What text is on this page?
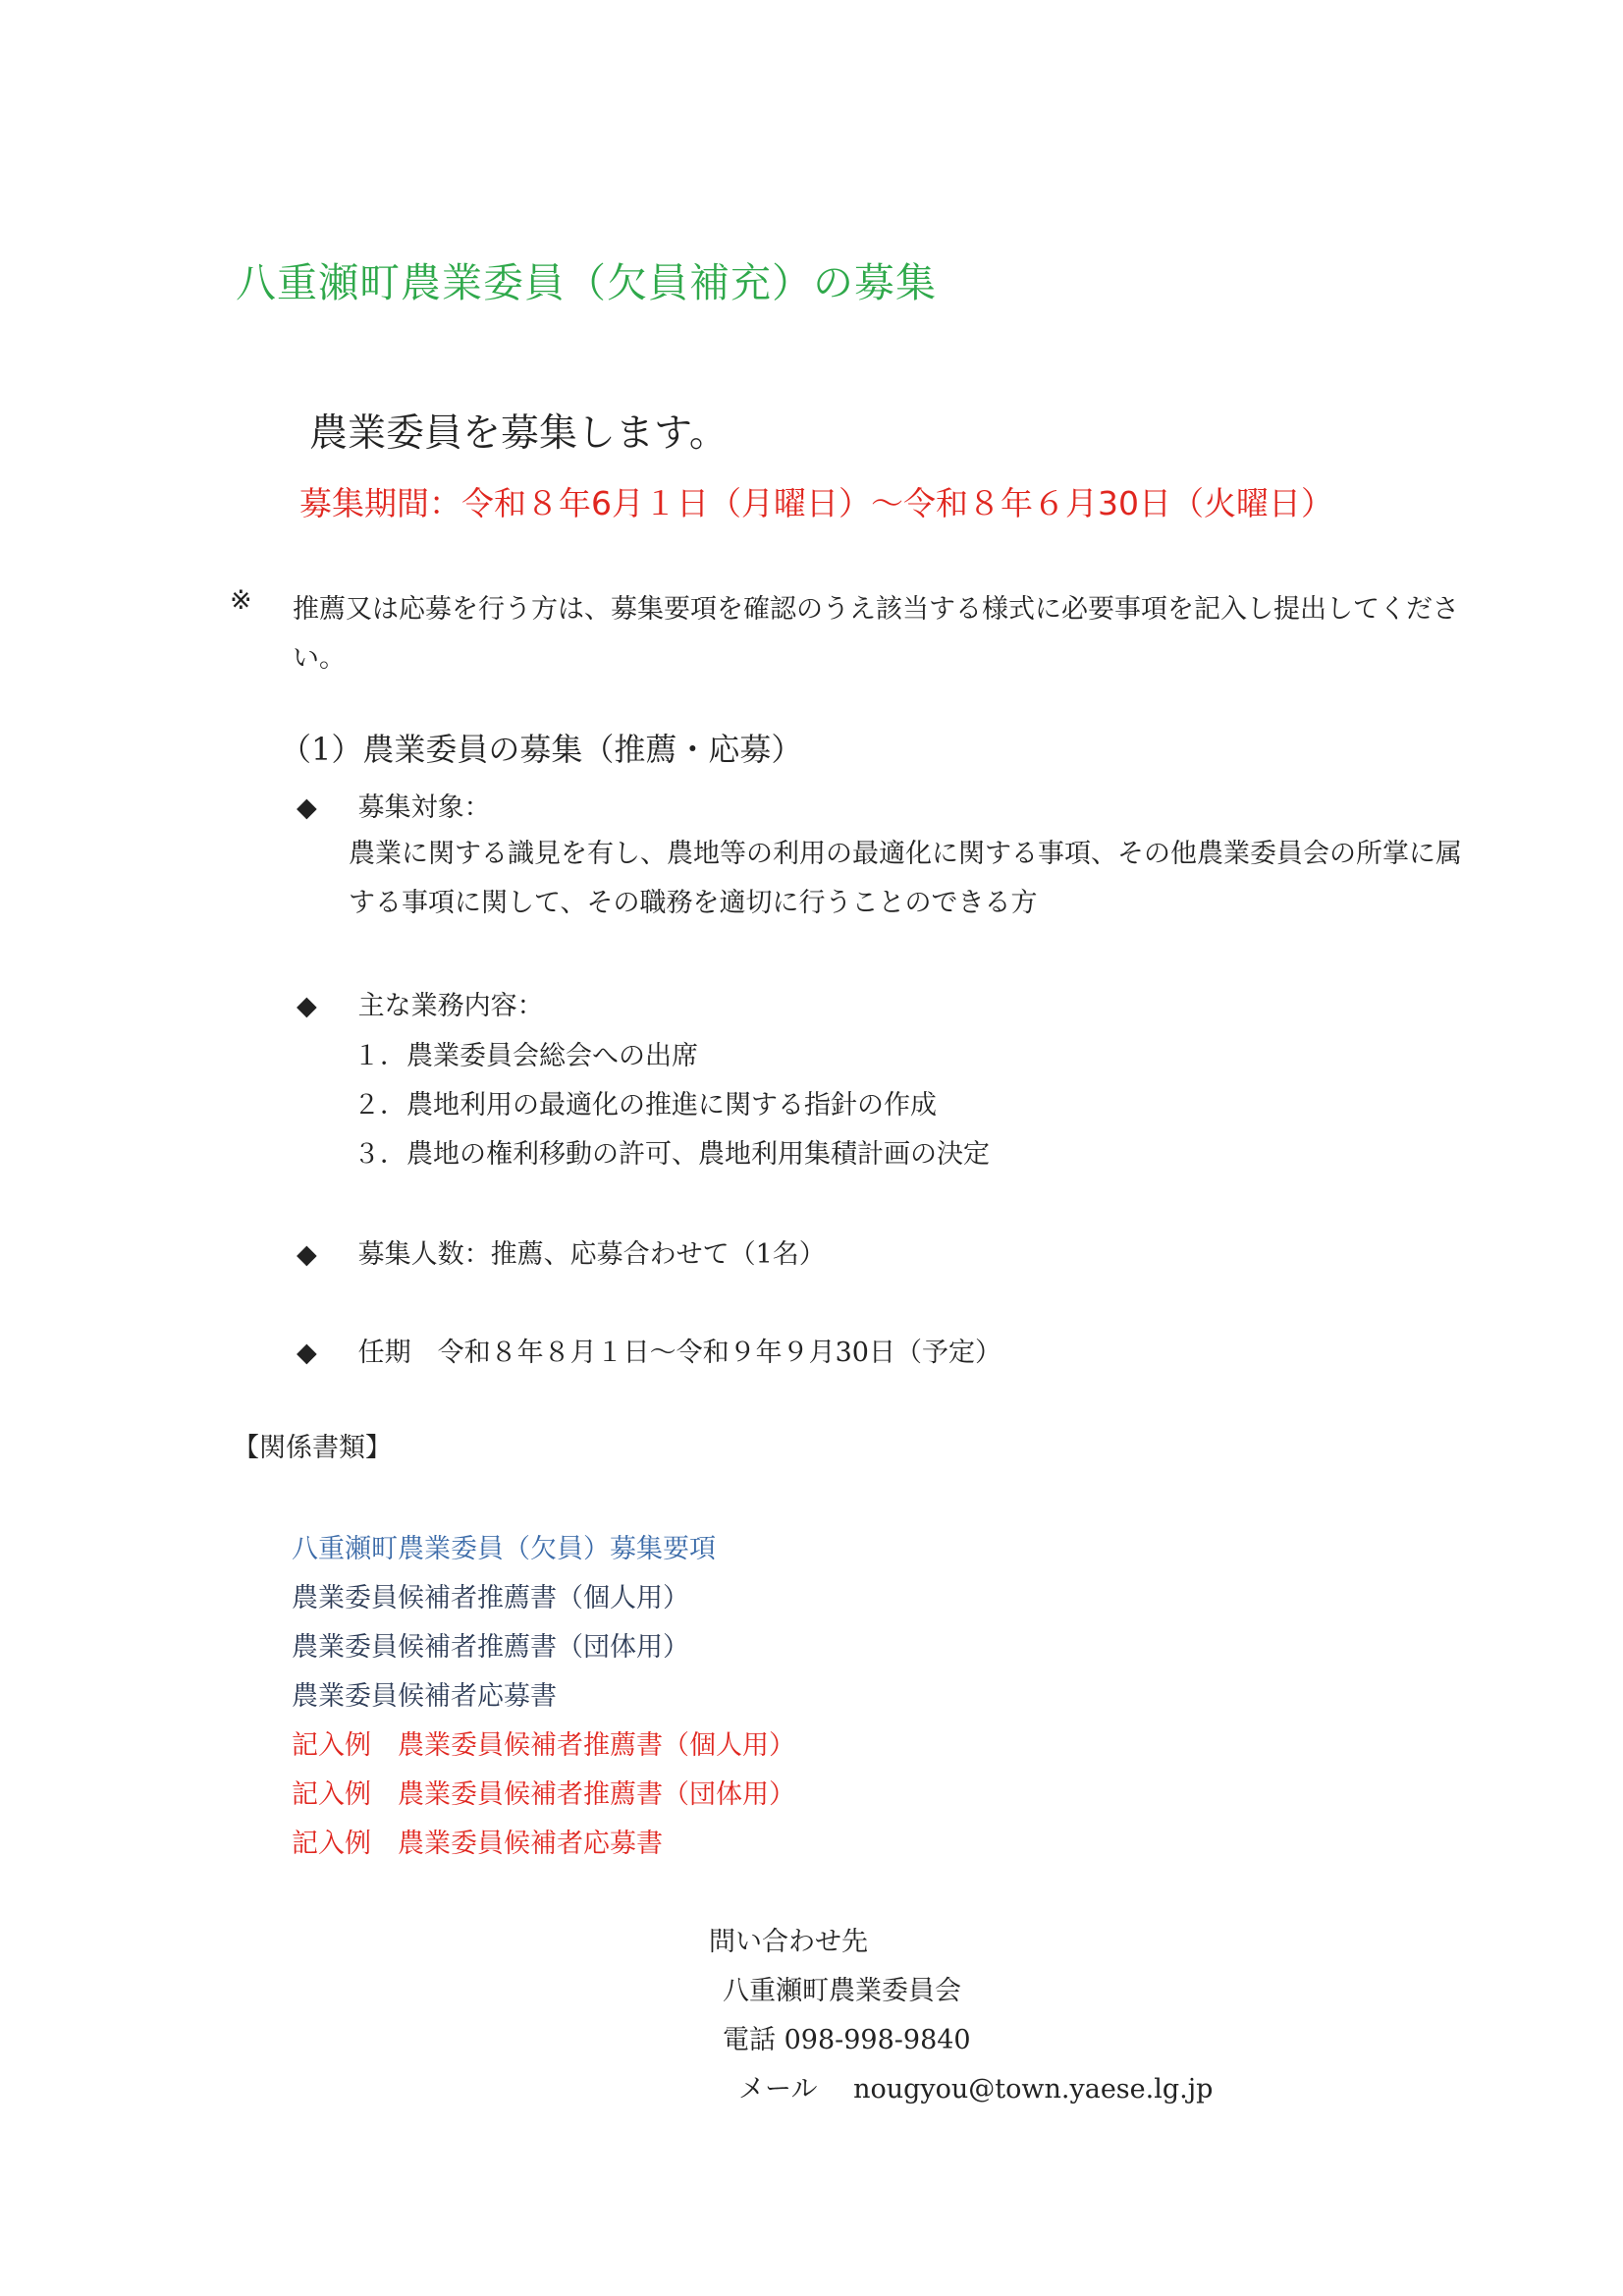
八重瀬町農業委員（欠員補充）の募集
農業委員を募集します。
募集期間：令和８年6月１日（月曜日）～令和８年６月30日（火曜日）
※ 推薦又は応募を行う方は、募集要項を確認のうえ該当する様式に必要事項を記入し提出してください。
（1）農業委員の募集（推薦・応募）
◆ 募集対象：
農業に関する識見を有し、農地等の利用の最適化に関する事項、その他農業委員会の所掌に属する事項に関して、その職務を適切に行うことのできる方
◆ 主な業務内容：
１．農業委員会総会への出席
２．農地利用の最適化の推進に関する指針の作成
３．農地の権利移動の許可、農地利用集積計画の決定
◆ 募集人数：推薦、応募合わせて（1名）
◆ 任期　令和８年８月１日～令和９年９月30日（予定）
【関係書類】
八重瀬町農業委員（欠員）募集要項
農業委員候補者推薦書（個人用）
農業委員候補者推薦書（団体用）
農業委員候補者応募書
記入例　農業委員候補者推薦書（個人用）
記入例　農業委員候補者推薦書（団体用）
記入例　農業委員候補者応募書
問い合わせ先
八重瀬町農業委員会
電話 098-998-9840
メール nougyou@town.yaese.lg.jp
